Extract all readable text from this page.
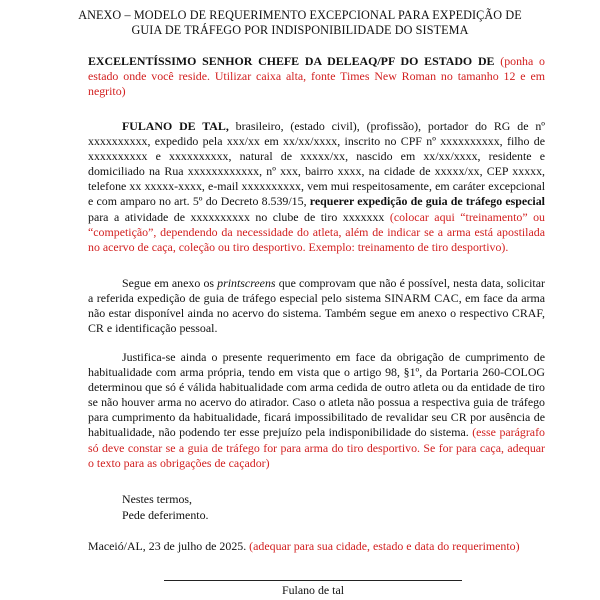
ANEXO – MODELO DE REQUERIMENTO EXCEPCIONAL PARA EXPEDIÇÃO DE
GUIA DE TRÁFEGO POR INDISPONIBILIDADE DO SISTEMA
EXCELENTÍSSIMO SENHOR CHEFE DA DELEAQ/PF DO ESTADO DE (ponha o estado onde você reside. Utilizar caixa alta, fonte Times New Roman no tamanho 12 e em negrito)
FULANO DE TAL, brasileiro, (estado civil), (profissão), portador do RG de nº xxxxxxxxxx, expedido pela xxx/xx em xx/xx/xxxx, inscrito no CPF nº xxxxxxxxxx, filho de xxxxxxxxxx e xxxxxxxxxx, natural de xxxxx/xx, nascido em xx/xx/xxxx, residente e domiciliado na Rua xxxxxxxxxxxx, nº xxx, bairro xxxx, na cidade de xxxxx/xx, CEP xxxxx, telefone xx xxxxx-xxxx, e-mail xxxxxxxxxx, vem mui respeitosamente, em caráter excepcional e com amparo no art. 5º do Decreto 8.539/15, requerer expedição de guia de tráfego especial para a atividade de xxxxxxxxxx no clube de tiro xxxxxxx (colocar aqui “treinamento” ou “competição”, dependendo da necessidade do atleta, além de indicar se a arma está apostilada no acervo de caça, coleção ou tiro desportivo. Exemplo: treinamento de tiro desportivo).
Segue em anexo os printscreens que comprovam que não é possível, nesta data, solicitar a referida expedição de guia de tráfego especial pelo sistema SINARM CAC, em face da arma não estar disponível ainda no acervo do sistema. Também segue em anexo o respectivo CRAF, CR e identificação pessoal.
Justifica-se ainda o presente requerimento em face da obrigação de cumprimento de habitualidade com arma própria, tendo em vista que o artigo 98, §1º, da Portaria 260-COLOG determinou que só é válida habitualidade com arma cedida de outro atleta ou da entidade de tiro se não houver arma no acervo do atirador. Caso o atleta não possua a respectiva guia de tráfego para cumprimento da habitualidade, ficará impossibilitado de revalidar seu CR por ausência de habitualidade, não podendo ter esse prejuízo pela indisponibilidade do sistema. (esse parágrafo só deve constar se a guia de tráfego for para arma do tiro desportivo. Se for para caça, adequar o texto para as obrigações de caçador)
Nestes termos,
Pede deferimento.
Maceió/AL, 23 de julho de 2025. (adequar para sua cidade, estado e data do requerimento)
Fulano de tal
